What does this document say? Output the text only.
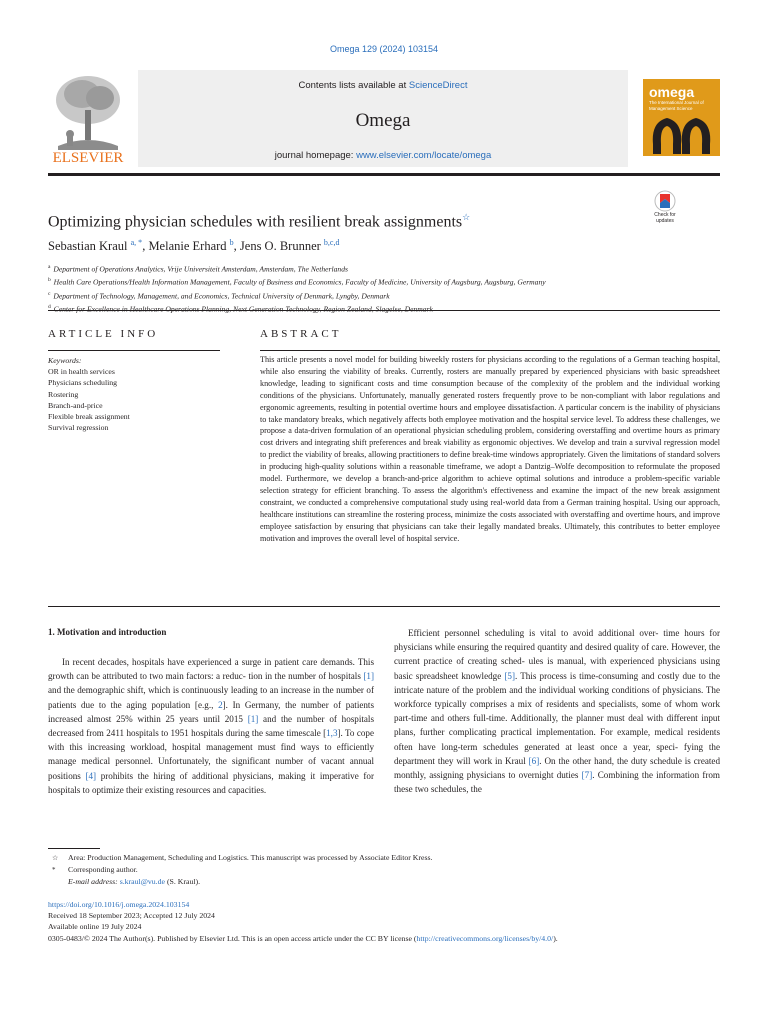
Omega 129 (2024) 103154
ELSEVIER
Contents lists available at ScienceDirect
Omega
journal homepage: www.elsevier.com/locate/omega
omega
The International Journal of Management Science
Optimizing physician schedules with resilient break assignments☆	Check for
updates
Sebastian Kraul $^{a, *}$, Melanie Erhard $^b$, Jens O. Brunner $^{b,c,d}$
$^a$ Department of Operations Analytics, Vrije Universiteit Amsterdam, Amsterdam, The Netherlands
$^b$ Health Care Operations/Health Information Management, Faculty of Business and Economics, Faculty of Medicine, University of Augsburg, Augsburg, Germany
$^c$ Department of Technology, Management, and Economics, Technical University of Denmark, Lyngby, Denmark
$^d$
ARTICLE INFO	ABSTRACT
Keywords:
OR in health services
Physicians scheduling
Rostering
Branch-and-price
Flexible break assignment
Survival regression
This article presents a novel model for building biweekly rosters for physicians according to the regulations of a German teaching hospital, while also ensuring the viability of breaks. Currently, rosters are manually prepared by experienced physicians with basic spreadsheet knowledge, leading to significant costs and time consumption because of the complexity of the problem and the individual working conditions of the physicians. Unfortunately, manually generated rosters frequently prove to be non-compliant with labor regulations and ergonomic agreements, resulting in potential overtime hours and employee dissatisfaction. A particular concern is the inability of physicians to take mandatory breaks, which negatively affects both employee motivation and the hospital service level. To address these challenges, we propose a data-driven formulation of an operational physician scheduling problem, considering overstaffing and overtime hours as primary cost drivers and integrating shift preferences and break viability as ergonomic objectives. We develop and train a survival regression model to predict the viability of breaks, allowing practitioners to define break-time windows appropriately. Given the limitations of standard solvers in producing high-quality solutions within a reasonable timeframe, we adopt a Dantzig–Wolfe decomposition to reformulate the proposed model. Furthermore, we develop a branch-and-price algorithm to achieve optimal solutions and introduce a problem-specific variable selection strategy for efficient branching. To assess the algorithm's effectiveness and examine the impact of the new break assignment constraint, we conducted a comprehensive computational study using real-world data from a German training hospital. Using our approach, healthcare institutions can streamline the rostering process, minimize the costs associated with overstaffing and overtime hours, and improve employee satisfaction by ensuring that physicians can take their legally mandated breaks. Ultimately, this contributes to better employee motivation and improves the overall level of hospital service.
1. Motivation and introduction

In recent decades, hospitals have experienced a surge in patient care demands. This growth can be attributed to two main factors: a reduc- tion in the number of hospitals [1] and the demographic shift, which is continuously leading to an increase in the number of patients due to the aging population [e.g., 2]. In Germany, the number of patients increased almost 25% within 25 years until 2015 [1] and the number of hospitals decreased from 2411 hospitals to 1951 hospitals during the same timescale [1,3]. To cope with this increasing workload, hospital management must find ways to efficiently manage medical personnel. Unfortunately, the significant number of vacant annual positions [4] prohibits the hiring of additional physicians, making it imperative for hospitals to optimize their existing resources and capacities.

Efficient personnel scheduling is vital to avoid additional over- time hours for physicians while ensuring the required quantity and desired quality of care. However, the current practice of creating sched- ules is manual, with experienced physicians using basic spreadsheet knowledge [5]. This process is time-consuming and costly due to the intricate nature of the problem and the individual working conditions of physicians. The workforce typically comprises a mix of residents and specialists, some of whom work part-time and others full-time. Additionally, the planner must deal with different input plans, further complicating practical implementation. For example, medical residents often have long-term schedules generated at least once a year, speci- fying the department they will work in Kraul [6]. On the other hand, the duty schedule is created monthly, assigning physicians to overnight duties [7]. Combining the information from these two schedules, the

☆ Area: Production Management, Scheduling and Logistics. This manuscript was processed by Associate Editor Kress.
* Corresponding author.
E-mail address: s.kraul@vu.de (S. Kraul).
https://doi.org/10.1016/j.omega.2024.103154
Received 18 September 2023; Accepted 12 July 2024
Available online 19 July 2024
0305-0483/© 2024 The Author(s). Published by Elsevier Ltd. This is an open access article under the CC BY license (http://creativecommons.org/licenses/by/4.0/).
